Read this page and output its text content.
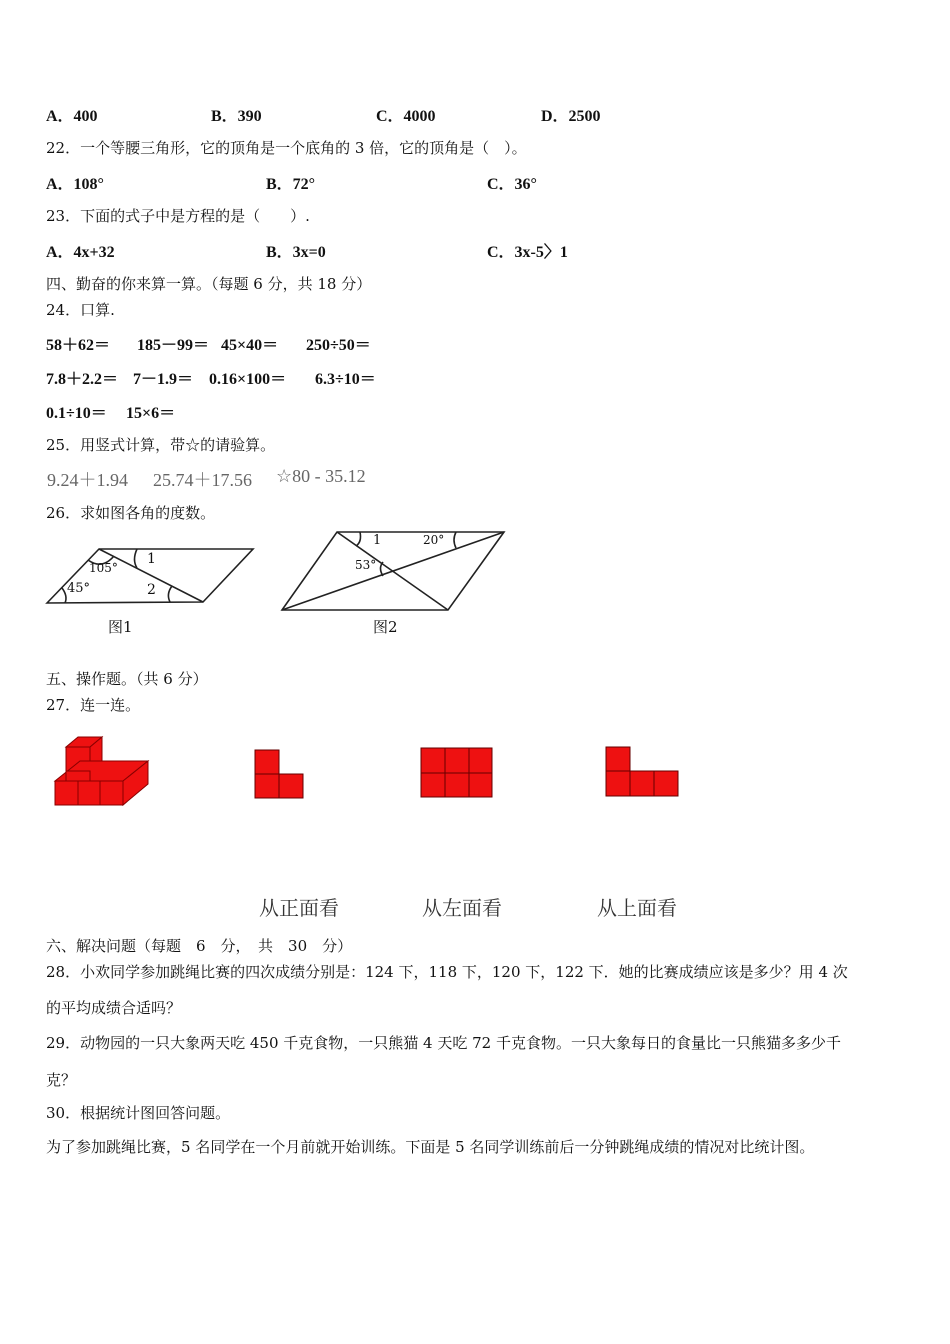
A．400	B．390	C．4000	D．2500
22．一个等腰三角形，它的顶角是一个底角的 3 倍，它的顶角是（　）。
A．108°	B．72°	C．36°
23．下面的式子中是方程的是（　　）.
A．4x+32	B．3x=0	C．3x-5〉1
四、勤奋的你来算一算。（每题 6 分，共 18 分）
24．口算.
58＋62＝ 185－99＝ 45×40＝ 250÷50＝
7.8＋2.2＝ 7－1.9＝ 0.16×100＝ 6.3÷10＝
0.1÷10＝ 15×6＝
25．用竖式计算，带☆的请验算。
9.24＋1.94 25.74＋17.56 ☆80 - 35.12
26．求如图各角的度数。
105°
45°
1
2
图1
1	20°
53°
图2
五、操作题。（共 6 分）
27．连一连。
从正面看	从左面看	从上面看
六、解决问题（每题　6　分，　共　30　分）
28．小欢同学参加跳绳比赛的四次成绩分别是：124 下，118 下，120 下，122 下．她的比赛成绩应该是多少？用 4 次
的平均成绩合适吗？
29．动物园的一只大象两天吃 450 千克食物，一只熊猫 4 天吃 72 千克食物。一只大象每日的食量比一只熊猫多多少千
克？
30．根据统计图回答问题。
为了参加跳绳比赛，5 名同学在一个月前就开始训练。下面是 5 名同学训练前后一分钟跳绳成绩的情况对比统计图。
